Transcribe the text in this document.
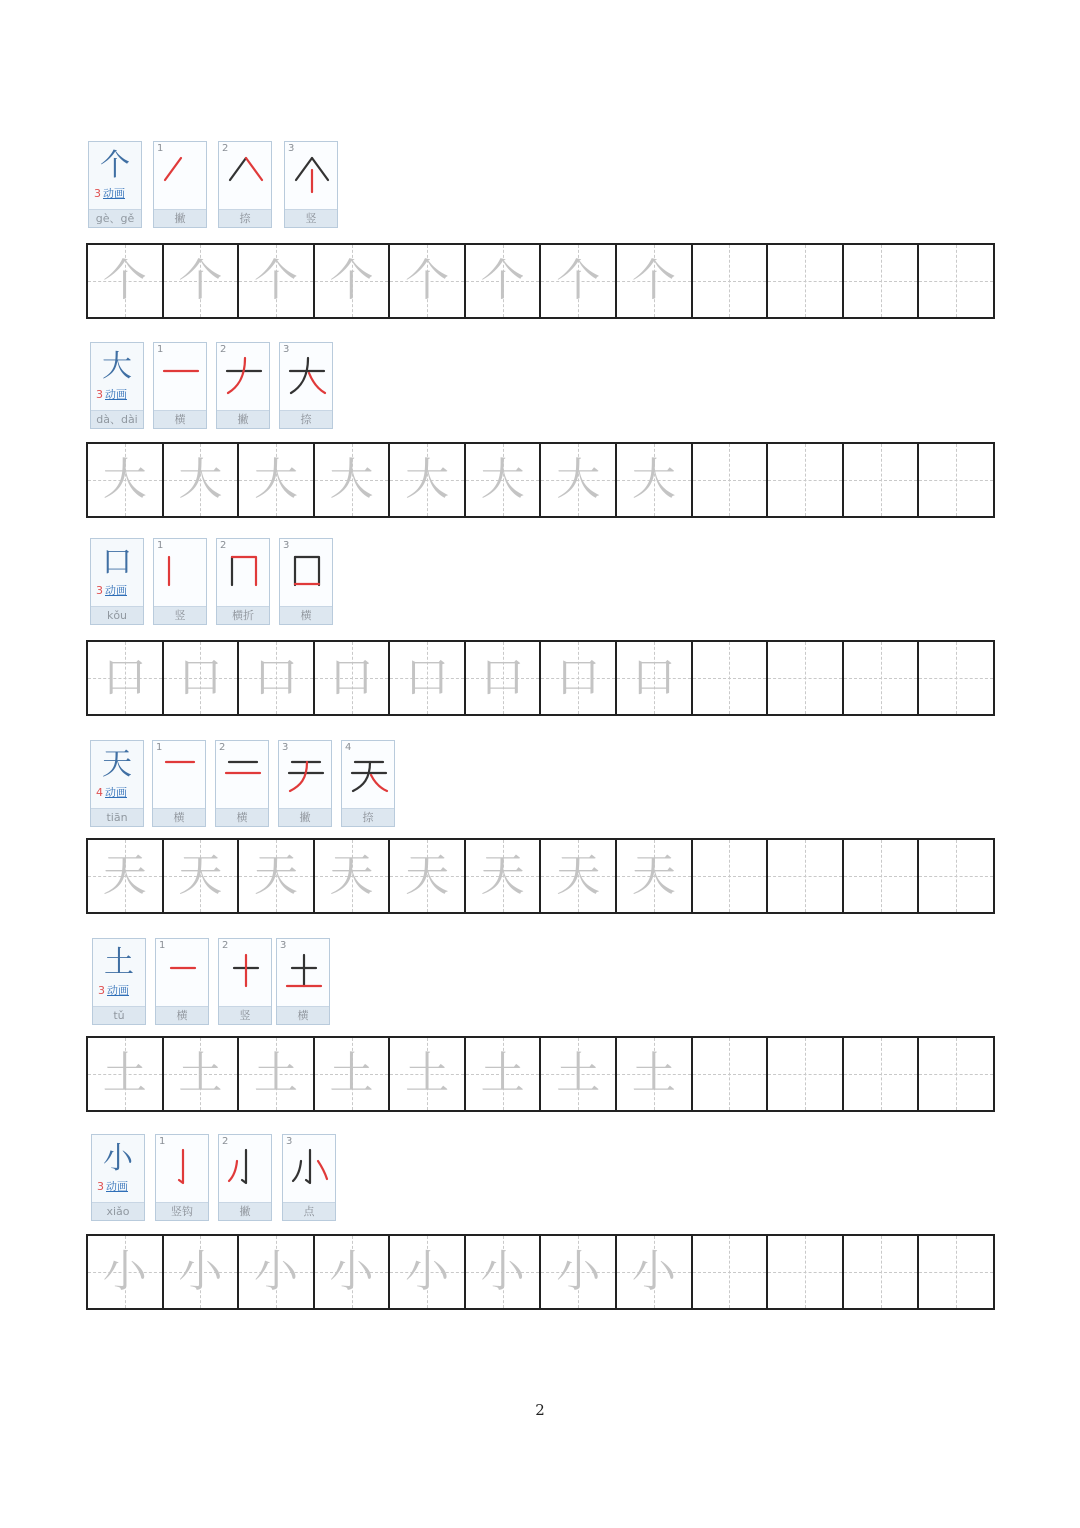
个
3 动画
gè、gě
1
撇
2
捺
3
竖
个 个 个 个 个 个 个 个
大
3 动画
dà、dài
1
横
2
撇
3
捺
大 大 大 大 大 大 大 大
口
3 动画
kǒu
1
竖
2
横折
3
横
口 口 口 口 口 口 口 口
天
4 动画
tiān
1
横
2
横
3
撇
4
捺
天 天 天 天 天 天 天 天
土
3 动画
tǔ
1
横
2
竖
3
横
土 土 土 土 土 土 土 土
小
3 动画
xiǎo
1
竖钩
2
撇
3
点
小 小 小 小 小 小 小 小
2
